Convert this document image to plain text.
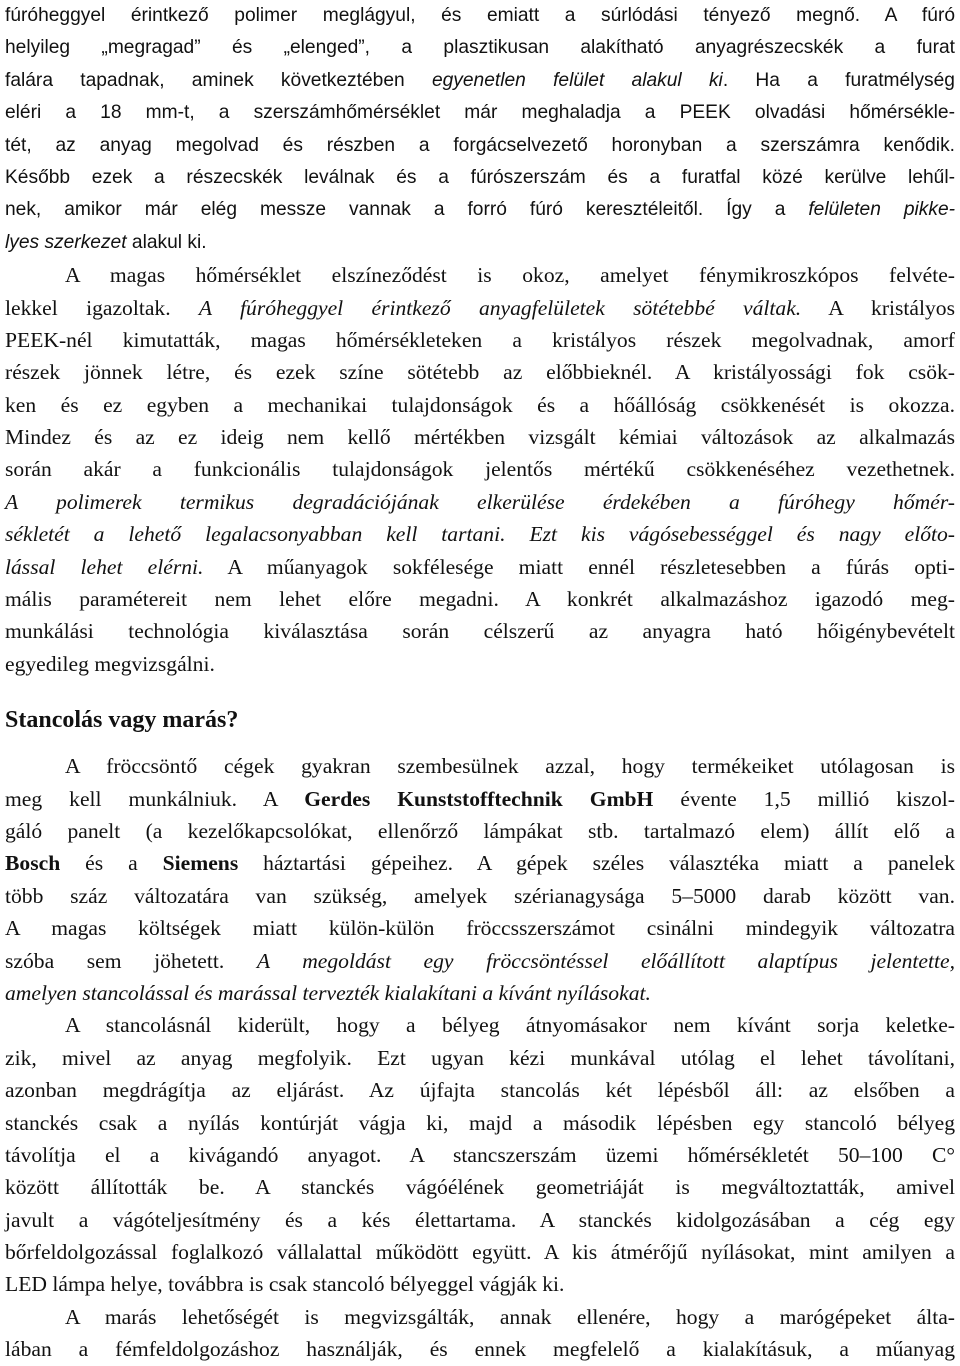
fúróheggyel érintkező polimer meglágyul, és emiatt a súrlódási tényező megnő. A fúró
helyileg „megragad” és „elenged”, a plasztikusan alakítható anyagrészecskék a furat
falára tapadnak, aminek következtében egyenetlen felület alakul ki. Ha a furatmélység
eléri a 18 mm-t, a szerszámhőmérséklet már meghaladja a PEEK olvadási hőmérsékle-
tét, az anyag megolvad és részben a forgácselvezető horonyban a szerszámra kenődik.
Később ezek a részecskék leválnak és a fúrószerszám és a furatfal közé kerülve lehűl-
nek, amikor már elég messze vannak a forró fúró keresztéleitől. Így a felületen pikke-
lyes szerkezet alakul ki.
A magas hőmérséklet elszíneződést is okoz, amelyet fénymikroszkópos felvéte-
lekkel igazoltak. A fúróheggyel érintkező anyagfelületek sötétebbé váltak. A kristályos
PEEK-nél kimutatták, magas hőmérsékleteken a kristályos részek megolvadnak, amorf
részek jönnek létre, és ezek színe sötétebb az előbbieknél. A kristályossági fok csök-
ken és ez egyben a mechanikai tulajdonságok és a hőállóság csökkenését is okozza.
Mindez és az ez ideig nem kellő mértékben vizsgált kémiai változások az alkalmazás
során akár a funkcionális tulajdonságok jelentős mértékű csökkenéséhez vezethetnek.
A polimerek termikus degradációjának elkerülése érdekében a fúróhegy hőmér-
sékletét a lehető legalacsonyabban kell tartani. Ezt kis vágósebességgel és nagy előto-
lással lehet elérni. A műanyagok sokfélesége miatt ennél részletesebben a fúrás opti-
mális paramétereit nem lehet előre megadni. A konkrét alkalmazáshoz igazodó meg-
munkálási technológia kiválasztása során célszerű az anyagra ható hőigénybevételt
egyedileg megvizsgálni.
Stancolás vagy marás?
A fröccsöntő cégek gyakran szembesülnek azzal, hogy termékeiket utólagosan is
meg kell munkálniuk. A Gerdes Kunststofftechnik GmbH évente 1,5 millió kiszol-
gáló panelt (a kezelőkapcsolókat, ellenőrző lámpákat stb. tartalmazó elem) állít elő a
Bosch és a Siemens háztartási gépeihez. A gépek széles választéka miatt a panelek
több száz változatára van szükség, amelyek szérianagysága 5–5000 darab között van.
A magas költségek miatt külön-külön fröccsszerszámot csinálni mindegyik változatra
szóba sem jöhetett. A megoldást egy fröccsöntéssel előállított alaptípus jelentette,
amelyen stancolással és marással tervezték kialakítani a kívánt nyílásokat.
A stancolásnál kiderült, hogy a bélyeg átnyomásakor nem kívánt sorja keletke-
zik, mivel az anyag megfolyik. Ezt ugyan kézi munkával utólag el lehet távolítani,
azonban megdrágítja az eljárást. Az újfajta stancolás két lépésből áll: az elsőben a
stanckés csak a nyílás kontúrját vágja ki, majd a második lépésben egy stancoló bélyeg
távolítja el a kivágandó anyagot. A stancszerszám üzemi hőmérsékletét 50–100 C°
között állították be. A stanckés vágóélének geometriáját is megváltoztatták, amivel
javult a vágóteljesítmény és a kés élettartama. A stanckés kidolgozásában a cég egy
bőrfeldolgozással foglalkozó vállalattal működött együtt. A kis átmérőjű nyílásokat, mint amilyen a
LED lámpa helye, továbbra is csak stancoló bélyeggel vágják ki.
A marás lehetőségét is megvizsgálták, annak ellenére, hogy a marógépeket álta-
lában a fémfeldolgozáshoz használják, és ennek megfelelő a kialakításuk, a műanyag
